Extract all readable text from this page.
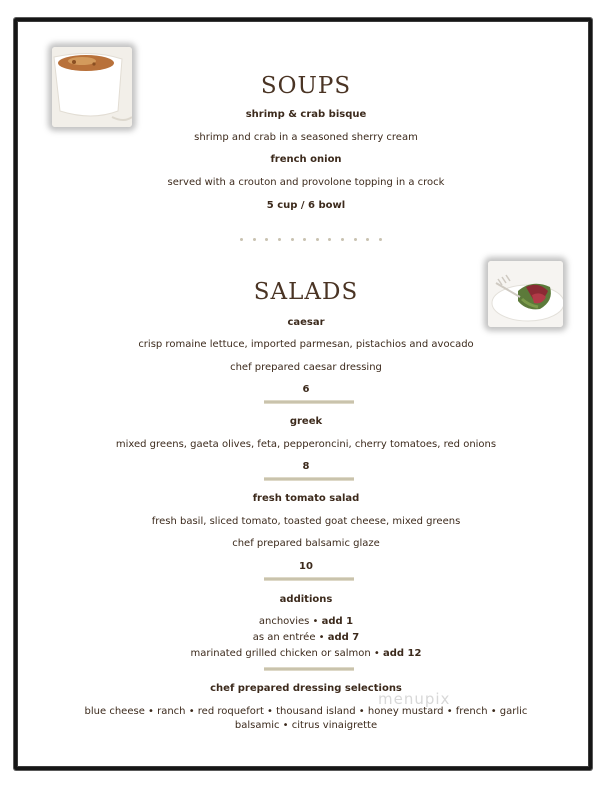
SOUPS
shrimp & crab bisque
shrimp and crab in a seasoned sherry cream
french onion
served with a crouton and provolone topping in a crock
5 cup / 6 bowl
SALADS
caesar
crisp romaine lettuce, imported parmesan, pistachios and avocado
chef prepared caesar dressing
6
greek
mixed greens, gaeta olives, feta, pepperoncini, cherry tomatoes, red onions
8
fresh tomato salad
fresh basil, sliced tomato, toasted goat cheese, mixed greens
chef prepared balsamic glaze
10
additions
anchovies • add 1
as an entrée • add 7
marinated grilled chicken or salmon • add 12
chef prepared dressing selections
blue cheese • ranch • red roquefort • thousand island • honey mustard • french • garlic
balsamic • citrus vinaigrette
menupix
